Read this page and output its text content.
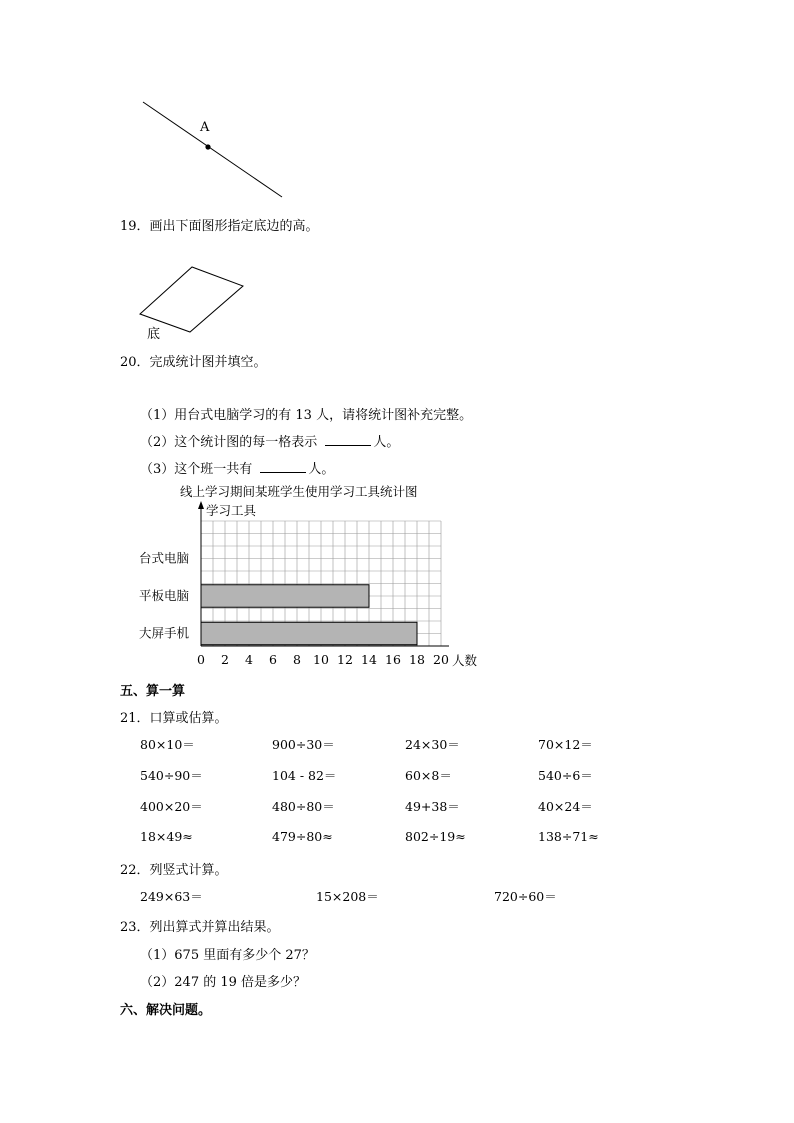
A
19．画出下面图形指定底边的高。
底
20．完成统计图并填空。
（1）用台式电脑学习的有 13 人，请将统计图补充完整。
（2）这个统计图的每一格表示	人。
（3）这个班一共有	人。
线上学习期间某班学生使用学习工具统计图
学习工具
台式电脑
平板电脑
大屏手机
0 2 4 6 8 10 12 14 16 18 20 人数
五、算一算
21．口算或估算。
80×10＝	900÷30＝	24×30＝	70×12＝
540÷90＝	104 - 82＝	60×8＝	540÷6＝
400×20＝	480÷80＝	49+38＝	40×24＝
18×49≈	479÷80≈	802÷19≈	138÷71≈
22．列竖式计算。
249×63＝	15×208＝	720÷60＝
23．列出算式并算出结果。
（1）675 里面有多少个 27？
（2）247 的 19 倍是多少？
六、解决问题。
